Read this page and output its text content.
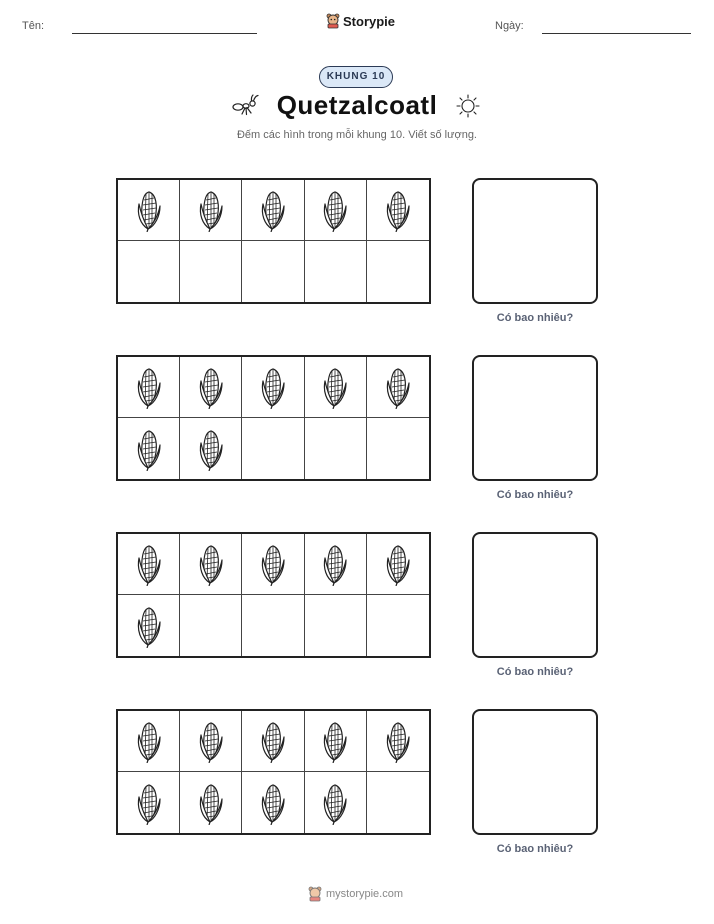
Tên:	Storypie	Ngày:
KHUNG 10
Quetzalcoatl
Đếm các hình trong mỗi khung 10. Viết số lượng.
Có bao nhiêu?
Có bao nhiêu?
Có bao nhiêu?
Có bao nhiêu?
mystorypie.com
